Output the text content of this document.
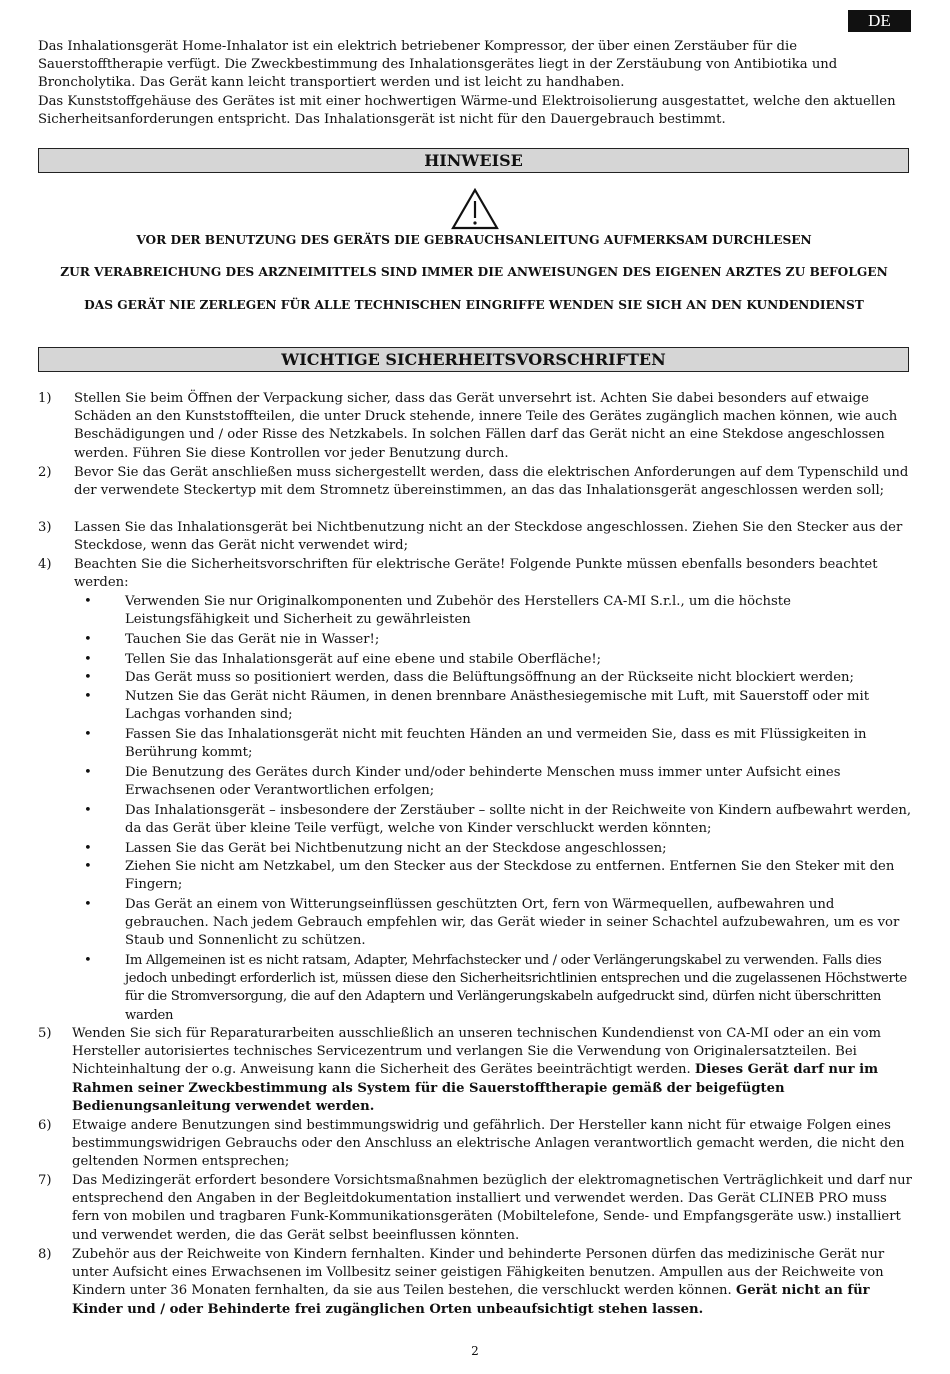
DE

Das Inhalationsgerät Home-Inhalator ist ein elektrich betriebener Kompressor, der über einen Zerstäuber für die Sauerstofftherapie verfügt. Die Zweckbestimmung des Inhalationsgerätes liegt in der Zerstäubung von Antibiotika und Broncholytika. Das Gerät kann leicht transportiert werden und ist leicht zu handhaben.

Das Kunststoffgehäuse des Gerätes ist mit einer hochwertigen Wärme-und Elektroisolierung ausgestattet, welche den aktuellen Sicherheitsanforderungen entspricht. Das Inhalationsgerät ist nicht für den Dauergebrauch bestimmt.

HINWEISE
VOR DER BENUTZUNG DES GERÄTS DIE GEBRAUCHSANLEITUNG AUFMERKSAM DURCHLESEN
ZUR VERABREICHUNG DES ARZNEIMITTELS SIND IMMER DIE ANWEISUNGEN DES EIGENEN ARZTES ZU BEFOLGEN
DAS GERÄT NIE ZERLEGEN FÜR ALLE TECHNISCHEN EINGRIFFE WENDEN SIE SICH AN DEN KUNDENDIENST
WICHTIGE SICHERHEITSVORSCHRIFTEN
1) Stellen Sie beim Öffnen der Verpackung sicher, dass das Gerät unversehrt ist. Achten Sie dabei besonders auf etwaige Schäden an den Kunststoffteilen, die unter Druck stehende, innere Teile des Gerätes zugänglich machen können, wie auch Beschädigungen und / oder Risse des Netzkabels. In solchen Fällen darf das Gerät nicht an eine Stekdose angeschlossen werden. Führen Sie diese Kontrollen vor jeder Benutzung durch.
2) Bevor Sie das Gerät anschließen muss sichergestellt werden, dass die elektrischen Anforderungen auf dem Typenschild und der verwendete Steckertyp mit dem Stromnetz übereinstimmen, an das das Inhalationsgerät angeschlossen werden soll;
3) Lassen Sie das Inhalationsgerät bei Nichtbenutzung nicht an der Steckdose angeschlossen. Ziehen Sie den Stecker aus der Steckdose, wenn das Gerät nicht verwendet wird;
4) Beachten Sie die Sicherheitsvorschriften für elektrische Geräte! Folgende Punkte müssen ebenfalls besonders beachtet werden:
•	Verwenden Sie nur Originalkomponenten und Zubehör des Herstellers CA-MI S.r.l., um die höchste Leistungsfähigkeit und Sicherheit zu gewährleisten
•	Tauchen Sie das Gerät nie in Wasser!;
•	Tellen Sie das Inhalationsgerät auf eine ebene und stabile Oberfläche!;
•	Das Gerät muss so positioniert werden, dass die Belüftungsöffnung an der Rückseite nicht blockiert werden;
•	Nutzen Sie das Gerät nicht Räumen, in denen brennbare Anästhesiegemische mit Luft, mit Sauerstoff oder mit Lachgas vorhanden sind;
•	Fassen Sie das Inhalationsgerät nicht mit feuchten Händen an und vermeiden Sie, dass es mit Flüssigkeiten in Berührung kommt;
•	Die Benutzung des Gerätes durch Kinder und/oder behinderte Menschen muss immer unter Aufsicht eines Erwachsenen oder Verantwortlichen erfolgen;
•	Das Inhalationsgerät – insbesondere der Zerstäuber – sollte nicht in der Reichweite von Kindern aufbewahrt werden, da das Gerät über kleine Teile verfügt, welche von Kinder verschluckt werden könnten;
•	Lassen Sie das Gerät bei Nichtbenutzung nicht an der Steckdose angeschlossen;
•	Ziehen Sie nicht am Netzkabel, um den Stecker aus der Steckdose zu entfernen. Entfernen Sie den Steker mit den Fingern;
•	Das Gerät an einem von Witterungseinflüssen geschützten Ort, fern von Wärmequellen, aufbewahren und gebrauchen. Nach jedem Gebrauch empfehlen wir, das Gerät wieder in seiner Schachtel aufzubewahren, um es vor Staub und Sonnenlicht zu schützen.
•	Im Allgemeinen ist es nicht ratsam, Adapter, Mehrfachstecker und / oder Verlängerungskabel zu verwenden. Falls dies jedoch unbedingt erforderlich ist, müssen diese den Sicherheitsrichtlinien entsprechen und die zugelassenen Höchstwerte für die Stromversorgung, die auf den Adaptern und Verlängerungskabeln aufgedruckt sind, dürfen nicht überschritten warden
5) Wenden Sie sich für Reparaturarbeiten ausschließlich an unseren technischen Kundendienst von CA-MI oder an ein vom Hersteller autorisiertes technisches Servicezentrum und verlangen Sie die Verwendung von Originalersatzteilen. Bei Nichteinhaltung der o.g. Anweisung kann die Sicherheit des Gerätes beeinträchtigt werden. Dieses Gerät darf nur im Rahmen seiner Zweckbestimmung als System für die Sauerstofftherapie gemäß der beigefügten Bedienungsanleitung verwendet werden.
6) Etwaige andere Benutzungen sind bestimmungswidrig und gefährlich. Der Hersteller kann nicht für etwaige Folgen eines bestimmungswidrigen Gebrauchs oder den Anschluss an elektrische Anlagen verantwortlich gemacht werden, die nicht den geltenden Normen entsprechen;
7) Das Medizingerät erfordert besondere Vorsichtsmaßnahmen bezüglich der elektromagnetischen Verträglichkeit und darf nur entsprechend den Angaben in der Begleitdokumentation installiert und verwendet werden. Das Gerät CLINEB PRO muss fern von mobilen und tragbaren Funk-Kommunikationsgeräten (Mobiltelefone, Sende- und Empfangsgeräte usw.) installiert und verwendet werden, die das Gerät selbst beeinflussen könnten.
8) Zubehör aus der Reichweite von Kindern fernhalten. Kinder und behinderte Personen dürfen das medizinische Gerät nur unter Aufsicht eines Erwachsenen im Vollbesitz seiner geistigen Fähigkeiten benutzen. Ampullen aus der Reichweite von Kindern unter 36 Monaten fernhalten, da sie aus Teilen bestehen, die verschluckt werden können. Gerät nicht an für Kinder und / oder Behinderte frei zugänglichen Orten unbeaufsichtigt stehen lassen.
2
